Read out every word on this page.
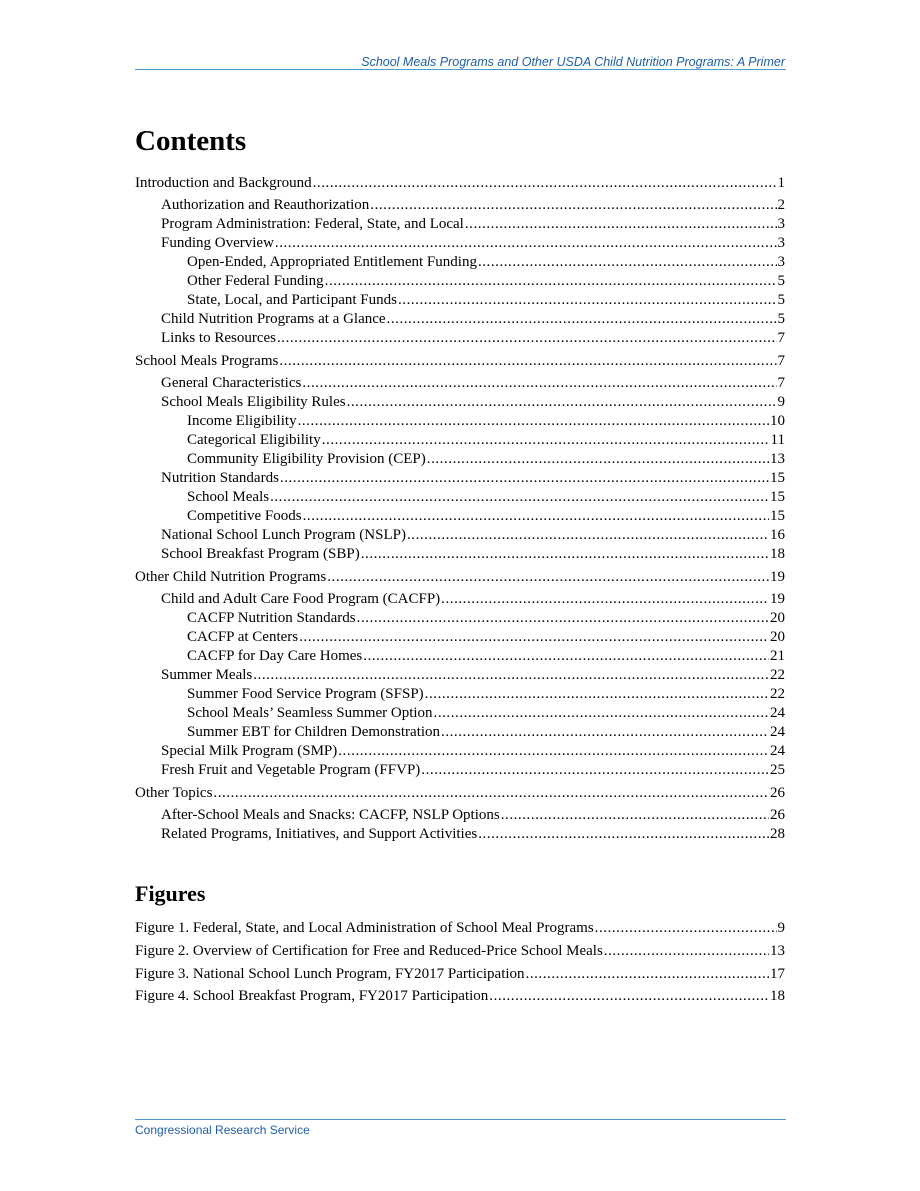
School Meals Programs and Other USDA Child Nutrition Programs: A Primer
Contents
Introduction and Background . . .	1
Authorization and Reauthorization . . .	2
Program Administration: Federal, State, and Local . . .	3
Funding Overview . . .	3
Open-Ended, Appropriated Entitlement Funding . . .	3
Other Federal Funding . . .	5
State, Local, and Participant Funds . . .	5
Child Nutrition Programs at a Glance . . .	5
Links to Resources . . .	7
School Meals Programs . . .	7
General Characteristics . . .	7
School Meals Eligibility Rules . . .	9
Income Eligibility . . .	10
Categorical Eligibility . . .	11
Community Eligibility Provision (CEP) . . .	13
Nutrition Standards . . .	15
School Meals . . .	15
Competitive Foods . . .	15
National School Lunch Program (NSLP) . . .	16
School Breakfast Program (SBP) . . .	18
Other Child Nutrition Programs . . .	19
Child and Adult Care Food Program (CACFP) . . .	19
CACFP Nutrition Standards . . .	20
CACFP at Centers . . .	20
CACFP for Day Care Homes . . .	21
Summer Meals . . .	22
Summer Food Service Program (SFSP) . . .	22
School Meals’ Seamless Summer Option . . .	24
Summer EBT for Children Demonstration . . .	24
Special Milk Program (SMP) . . .	24
Fresh Fruit and Vegetable Program (FFVP) . . .	25
Other Topics . . .	26
After-School Meals and Snacks: CACFP, NSLP Options . . .	26
Related Programs, Initiatives, and Support Activities . . .	28
Figures
Figure 1. Federal, State, and Local Administration of School Meal Programs . . .	9
Figure 2. Overview of Certification for Free and Reduced-Price School Meals . . .	13
Figure 3. National School Lunch Program, FY2017 Participation . . .	17
Figure 4. School Breakfast Program, FY2017 Participation . . .	18
Congressional Research Service
